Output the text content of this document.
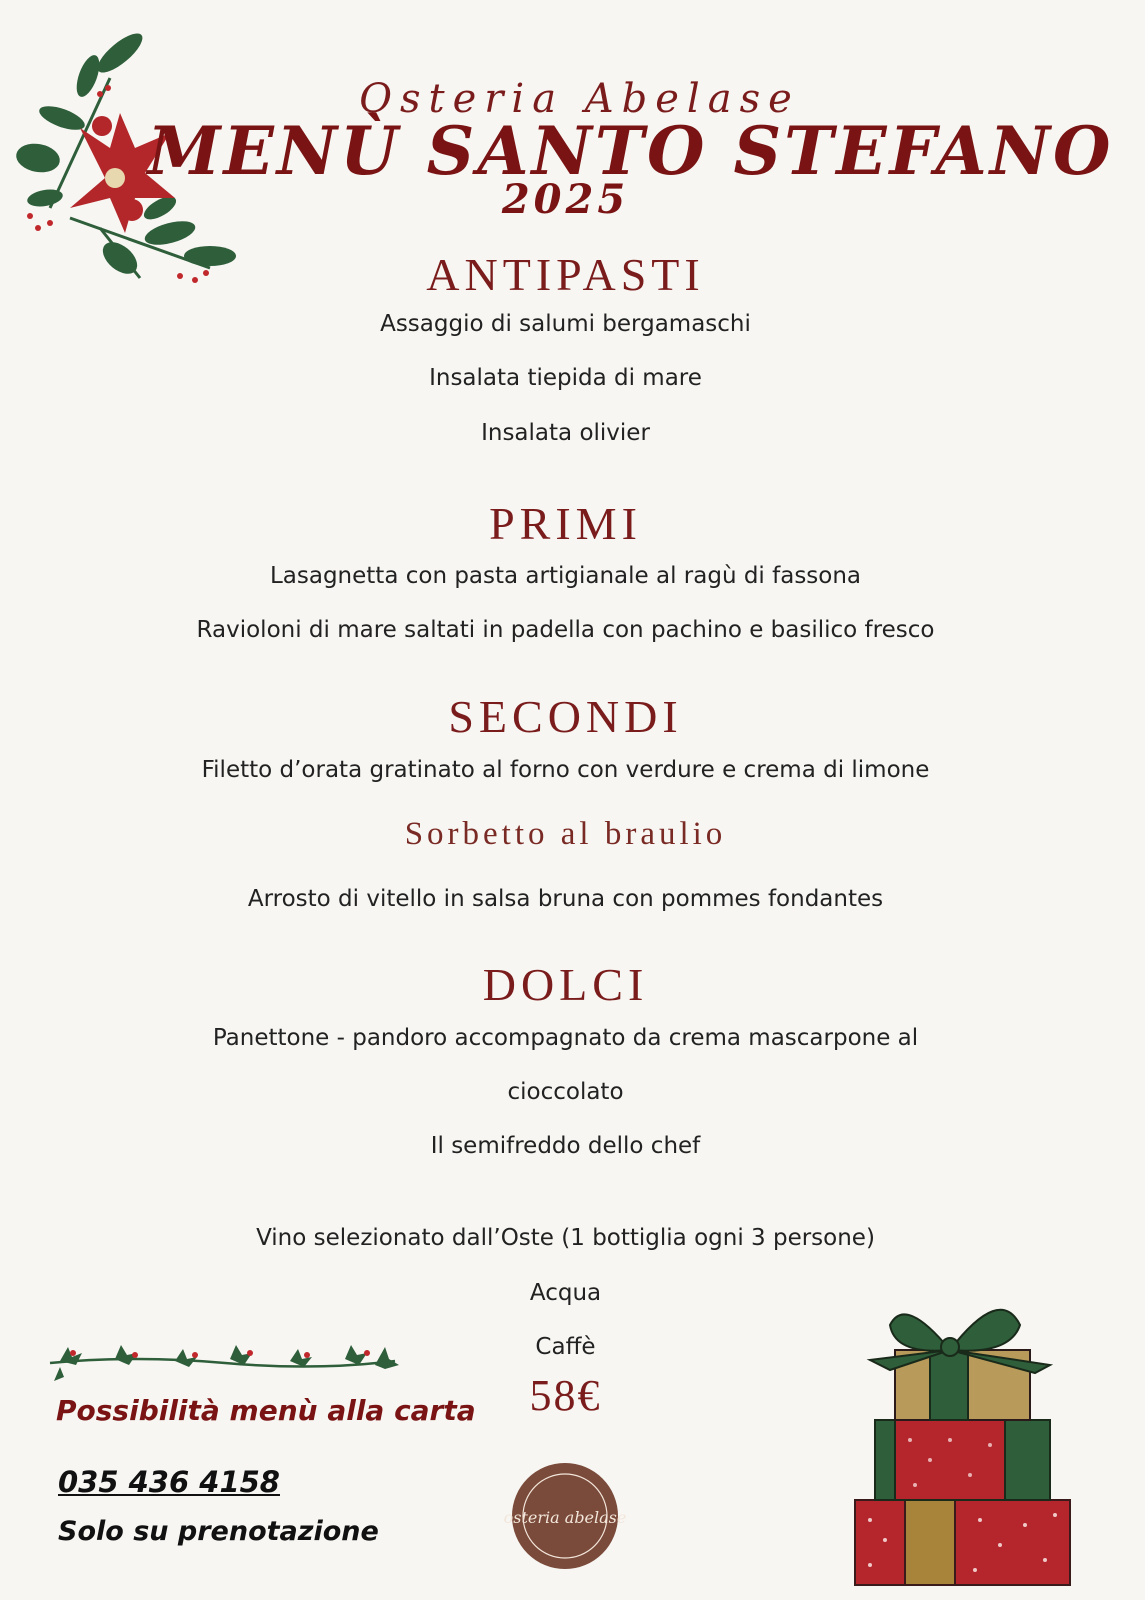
Osteria Abelase
MENÙ SANTO STEFANO
2025
ANTIPASTI
Assaggio di salumi bergamaschi
Insalata tiepida di mare
Insalata olivier
PRIMI
Lasagnetta con pasta artigianale al ragù di fassona
Ravioloni di mare saltati in padella con pachino e basilico fresco
SECONDI
Filetto d’orata gratinato al forno con verdure e crema di limone
Sorbetto al braulio
Arrosto di vitello in salsa bruna con pommes fondantes
DOLCI
Panettone - pandoro accompagnato da crema mascarpone al
cioccolato
Il semifreddo dello chef
Vino selezionato dall’Oste (1 bottiglia ogni 3 persone)
Acqua
Caffè
58€
Possibilità menù alla carta
035 436 4158
Solo su prenotazione	osteria abelase
